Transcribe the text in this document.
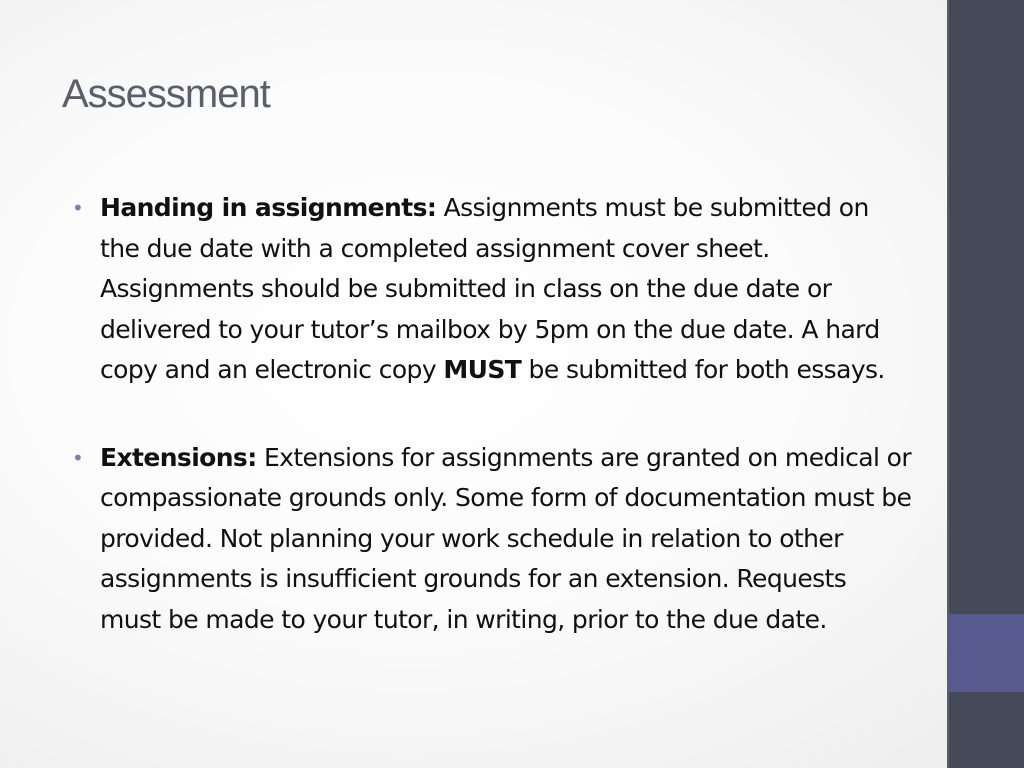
Assessment
• Handing in assignments: Assignments must be submitted on the due date with a completed assignment cover sheet. Assignments should be submitted in class on the due date or delivered to your tutor’s mailbox by 5pm on the due date. A hard copy and an electronic copy MUST be submitted for both essays.
• Extensions: Extensions for assignments are granted on medical or compassionate grounds only. Some form of documentation must be provided. Not planning your work schedule in relation to other assignments is insufficient grounds for an extension. Requests must be made to your tutor, in writing, prior to the due date.
